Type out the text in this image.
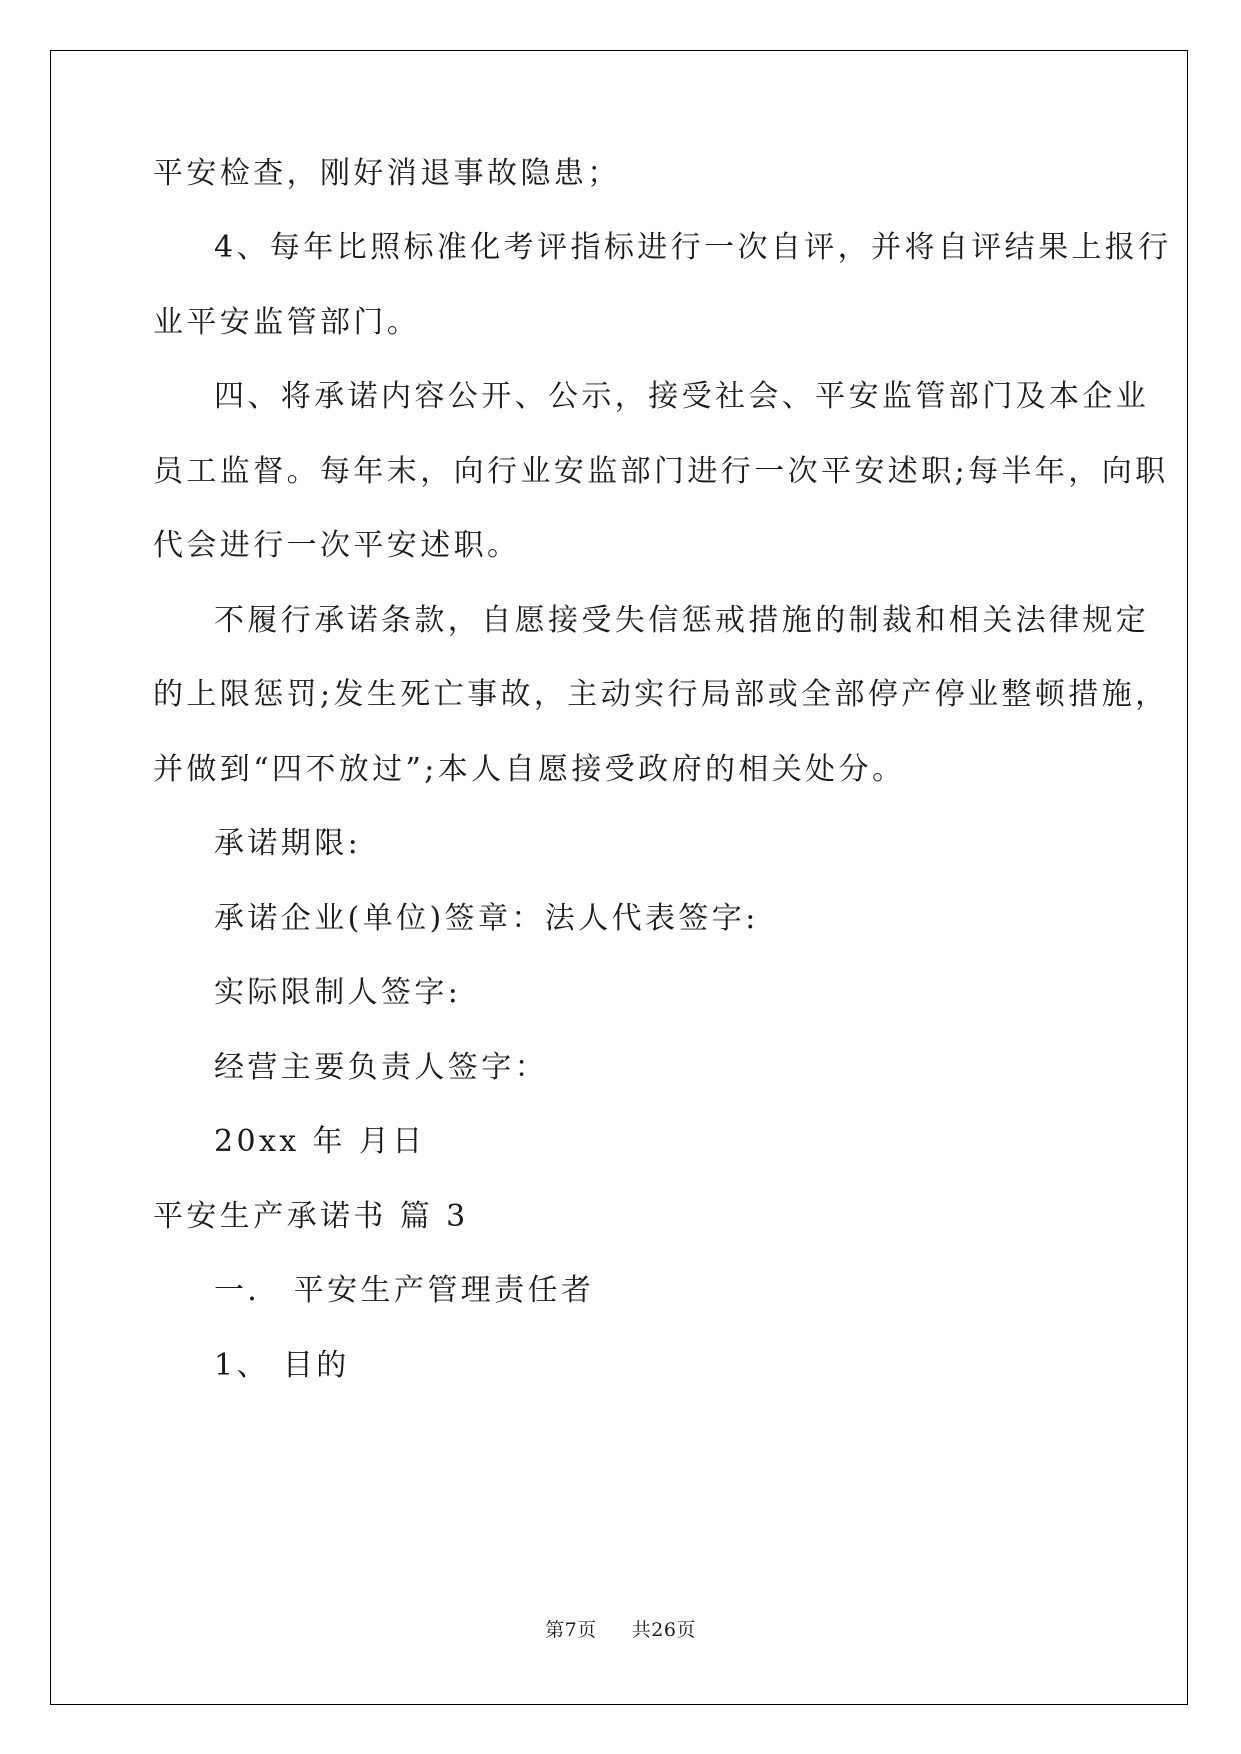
平安检查，刚好消退事故隐患；

4、每年比照标准化考评指标进行一次自评，并将自评结果上报行

业平安监管部门。

四、将承诺内容公开、公示，接受社会、平安监管部门及本企业

员工监督。每年末，向行业安监部门进行一次平安述职;每半年，向职

代会进行一次平安述职。

不履行承诺条款，自愿接受失信惩戒措施的制裁和相关法律规定

的上限惩罚;发生死亡事故，主动实行局部或全部停产停业整顿措施，

并做到“四不放过”;本人自愿接受政府的相关处分。

承诺期限:

承诺企业(单位)签章：法人代表签字:

实际限制人签字:

经营主要负责人签字：

20xx 年 月日

平安生产承诺书 篇 3

一． 平安生产管理责任者

1、 目的

第7页 共26页
